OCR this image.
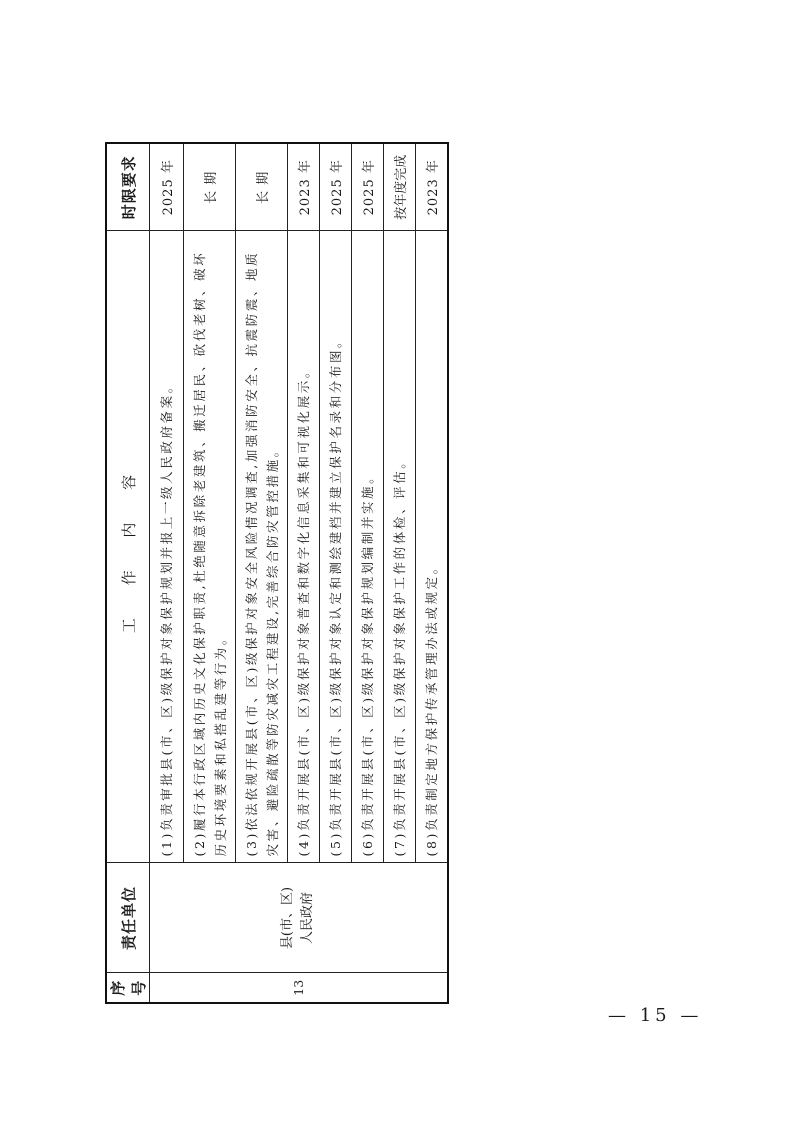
序号	责任单位	工 作 内 容	时限要求
13	县(市、区) 人民政府	(1)负责审批县(市、区)级保护对象保护规划并报上一级人民政府备案。	2025 年
		(2)履行本行政区域内历史文化保护职责,杜绝随意拆除老建筑、搬迁居民、砍伐老树、破坏历史环境要素和私搭乱建等行为。	长 期
		(3)依法依规开展县(市、区)级保护对象安全风险情况调查,加强消防安全、抗震防震、地质灾害、避险疏散等防灾减灾工程建设,完善综合防灾管控措施。	长 期
		(4)负责开展县(市、区)级保护对象普查和数字化信息采集和可视化展示。	2023 年
		(5)负责开展县(市、区)级保护对象认定和测绘建档并建立保护名录和分布图。	2025 年
		(6)负责开展县(市、区)级保护对象保护规划编制并实施。	2025 年
		(7)负责开展县(市、区)级保护对象保护工作的体检、评估。	按年度完成
		(8)负责制定地方保护传承管理办法或规定。	2023 年
— 15 —
